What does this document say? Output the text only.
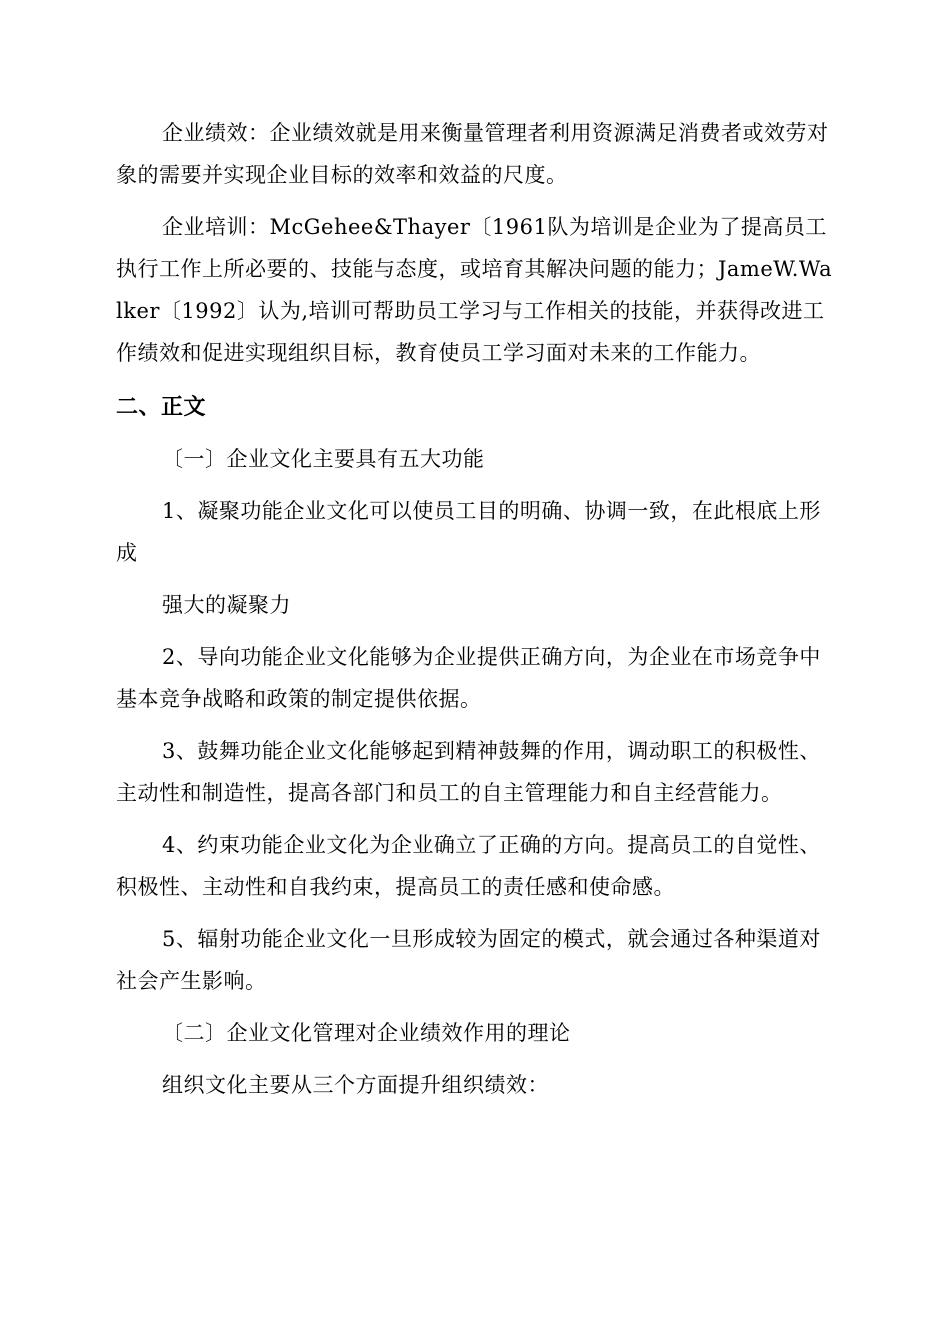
企业绩效：企业绩效就是用来衡量管理者利用资源满足消费者或效劳对象的需要并实现企业目标的效率和效益的尺度。

企业培训：McGehee&Thayer〔1961队为培训是企业为了提高员工执行工作上所必要的、技能与态度，或培育其解决问题的能力；JameW.Walker〔1992〕认为,培训可帮助员工学习与工作相关的技能，并获得改进工作绩效和促进实现组织目标，教育使员工学习面对未来的工作能力。

二、正文

〔一〕企业文化主要具有五大功能

1、凝聚功能企业文化可以使员工目的明确、协调一致，在此根底上形成

强大的凝聚力

2、导向功能企业文化能够为企业提供正确方向，为企业在市场竞争中基本竞争战略和政策的制定提供依据。

3、鼓舞功能企业文化能够起到精神鼓舞的作用，调动职工的积极性、主动性和制造性，提高各部门和员工的自主管理能力和自主经营能力。

4、约束功能企业文化为企业确立了正确的方向。提高员工的自觉性、积极性、主动性和自我约束，提高员工的责任感和使命感。

5、辐射功能企业文化一旦形成较为固定的模式，就会通过各种渠道对社会产生影响。

〔二〕企业文化管理对企业绩效作用的理论

组织文化主要从三个方面提升组织绩效：
